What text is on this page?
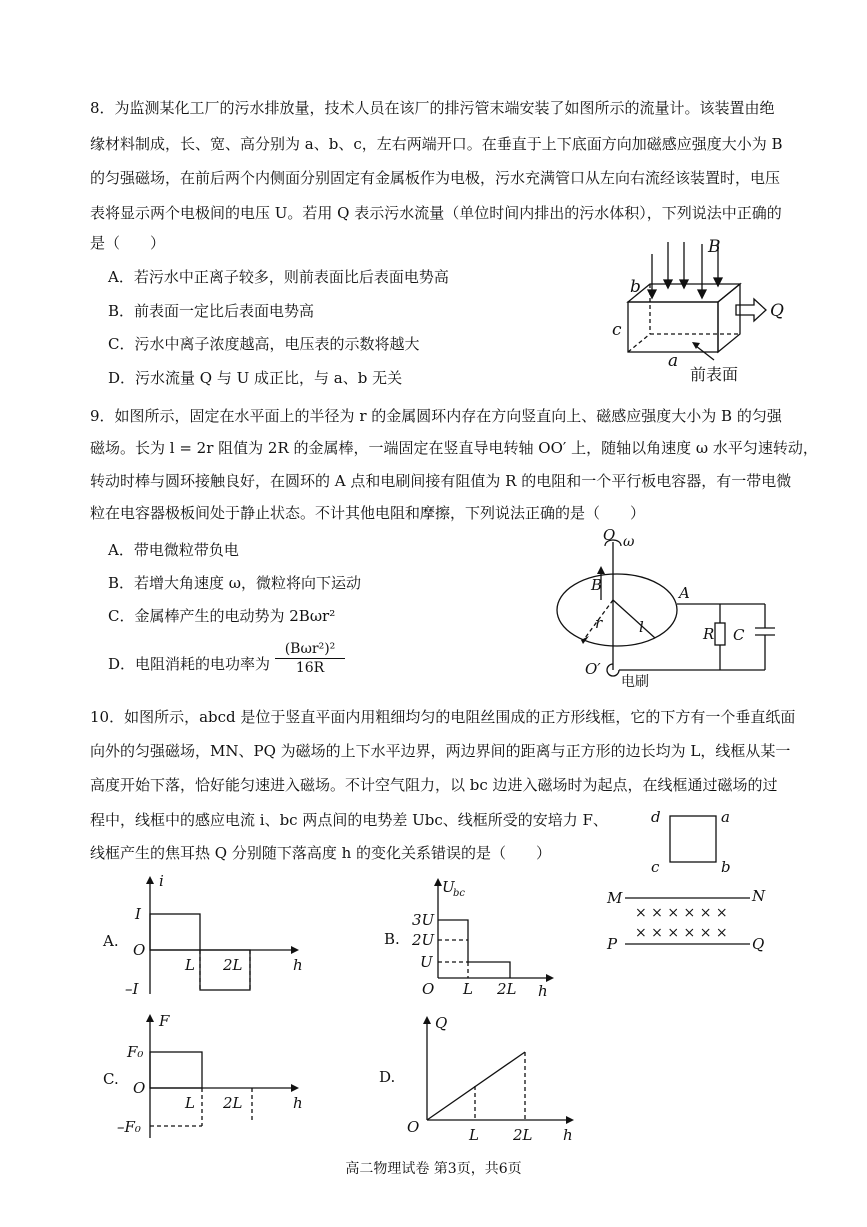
8．为监测某化工厂的污水排放量，技术人员在该厂的排污管末端安装了如图所示的流量计。该装置由绝
缘材料制成，长、宽、高分别为 a、b、c，左右两端开口。在垂直于上下底面方向加磁感应强度大小为 B
的匀强磁场，在前后两个内侧面分别固定有金属板作为电极，污水充满管口从左向右流经该装置时，电压
表将显示两个电极间的电压 U。若用 Q 表示污水流量（单位时间内排出的污水体积），下列说法中正确的
是（　　）
A．若污水中正离子较多，则前表面比后表面电势高
B．前表面一定比后表面电势高
C．污水中离子浓度越高，电压表的示数将越大
D．污水流量 Q 与 U 成正比，与 a、b 无关
B
b
c
a
Q
前表面
9．如图所示，固定在水平面上的半径为 r 的金属圆环内存在方向竖直向上、磁感应强度大小为 B 的匀强
磁场。长为 l = 2r 阻值为 2R 的金属棒，一端固定在竖直导电转轴 OO′ 上，随轴以角速度 ω 水平匀速转动，
转动时棒与圆环接触良好，在圆环的 A 点和电刷间接有阻值为 R 的电阻和一个平行板电容器，有一带电微
粒在电容器极板间处于静止状态。不计其他电阻和摩擦，下列说法正确的是（　　）
A．带电微粒带负电
B．若增大角速度 ω，微粒将向下运动
C．金属棒产生的电动势为 2Bωr²
D．电阻消耗的电功率为
(Bωr²)²
16R
O ω
B
r l
A
R C
O′
电刷
10．如图所示，abcd 是位于竖直平面内用粗细均匀的电阻丝围成的正方形线框，它的下方有一个垂直纸面
向外的匀强磁场，MN、PQ 为磁场的上下水平边界，两边界间的距离与正方形的边长均为 L，线框从某一
高度开始下落，恰好能匀速进入磁场。不计空气阻力，以 bc 边进入磁场时为起点，在线框通过磁场的过
程中，线框中的感应电流 i、bc 两点间的电势差 Ubc、线框所受的安培力 F、
线框产生的焦耳热 Q 分别随下落高度 h 的变化关系错误的是（　　）
d	a
c	b
M	N
P	Q
× × × × × ×
× × × × × ×
A.
i
I
O
–I
L 2L	h
B.
U
bc
3U
2U
U
O L 2L h
C.
F
F₀
O
–F₀
L 2L	h
D.
Q
O	L 2L h
高二物理试卷 第3页，共6页
